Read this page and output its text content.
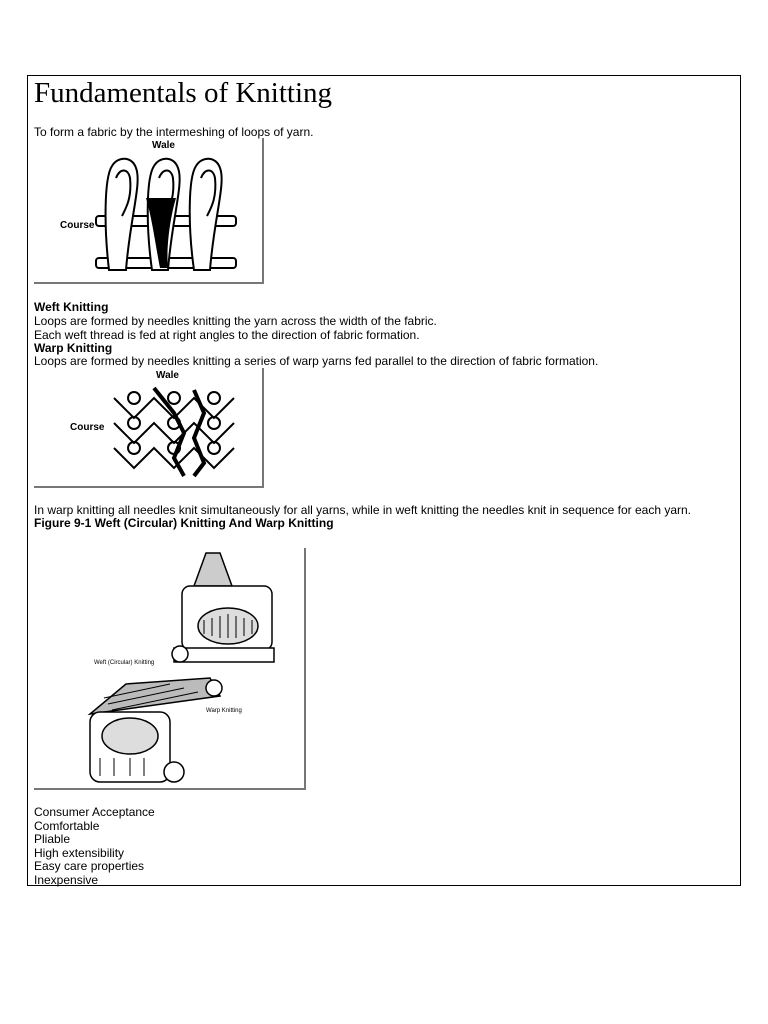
Fundamentals of Knitting

To form a fabric by the intermeshing of loops of yarn.

Wale
Course

Weft Knitting

Loops are formed by needles knitting the yarn across the width of the fabric.

Each weft thread is fed at right angles to the direction of fabric formation.

Warp Knitting

Loops are formed by needles knitting a series of warp yarns fed parallel to the direction of fabric formation.

Wale
Course

In warp knitting all needles knit simultaneously for all yarns, while in weft knitting the needles knit in sequence for each yarn.

Figure 9-1 Weft (Circular) Knitting And Warp Knitting

Weft (Circular) Knitting
Warp Knitting

Consumer Acceptance

Comfortable

Pliable

High extensibility

Easy care properties

Inexpensive
